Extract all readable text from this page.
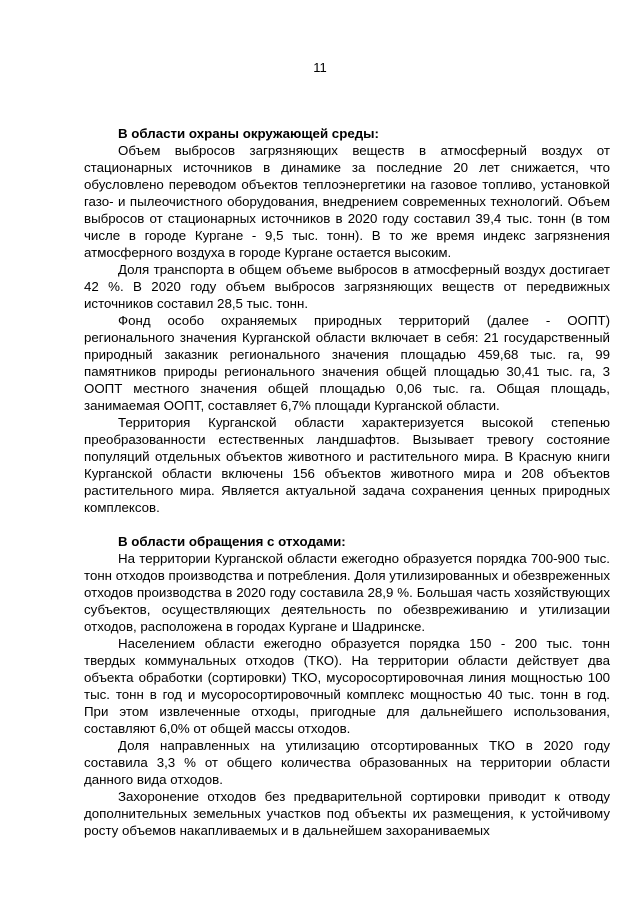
11

В области охраны окружающей среды:

Объем выбросов загрязняющих веществ в атмосферный воздух от стационарных источников в динамике за последние 20 лет снижается, что обусловлено переводом объектов теплоэнергетики на газовое топливо, установкой газо- и пылеочистного оборудования, внедрением современных технологий. Объем выбросов от стационарных источников в 2020 году составил 39,4 тыс. тонн (в том числе в городе Кургане - 9,5 тыс. тонн). В то же время индекс загрязнения атмосферного воздуха в городе Кургане остается высоким.

Доля транспорта в общем объеме выбросов в атмосферный воздух достигает 42 %. В 2020 году объем выбросов загрязняющих веществ от передвижных источников составил 28,5 тыс. тонн.

Фонд особо охраняемых природных территорий (далее - ООПТ) регионального значения Курганской области включает в себя: 21 государственный природный заказник регионального значения площадью 459,68 тыс. га, 99 памятников природы регионального значения общей площадью 30,41 тыс. га, 3 ООПТ местного значения общей площадью 0,06 тыс. га. Общая площадь, занимаемая ООПТ, составляет 6,7% площади Курганской области.

Территория Курганской области характеризуется высокой степенью преобразованности естественных ландшафтов. Вызывает тревогу состояние популяций отдельных объектов животного и растительного мира. В Красную книги Курганской области включены 156 объектов животного мира и 208 объектов растительного мира. Является актуальной задача сохранения ценных природных комплексов.

В области обращения с отходами:

На территории Курганской области ежегодно образуется порядка 700-900 тыс. тонн отходов производства и потребления. Доля утилизированных и обезвреженных отходов производства в 2020 году составила 28,9 %. Большая часть хозяйствующих субъектов, осуществляющих деятельность по обезвреживанию и утилизации отходов, расположена в городах Кургане и Шадринске.

Населением области ежегодно образуется порядка 150 - 200 тыс. тонн твердых коммунальных отходов (ТКО). На территории области действует два объекта обработки (сортировки) ТКО, мусоросортировочная линия мощностью 100 тыс. тонн в год и мусоросортировочный комплекс мощностью 40 тыс. тонн в год. При этом извлеченные отходы, пригодные для дальнейшего использования, составляют 6,0% от общей массы отходов.

Доля направленных на утилизацию отсортированных ТКО в 2020 году составила 3,3 % от общего количества образованных на территории области данного вида отходов.

Захоронение отходов без предварительной сортировки приводит к отводу дополнительных земельных участков под объекты их размещения, к устойчивому росту объемов накапливаемых и в дальнейшем захораниваемых
